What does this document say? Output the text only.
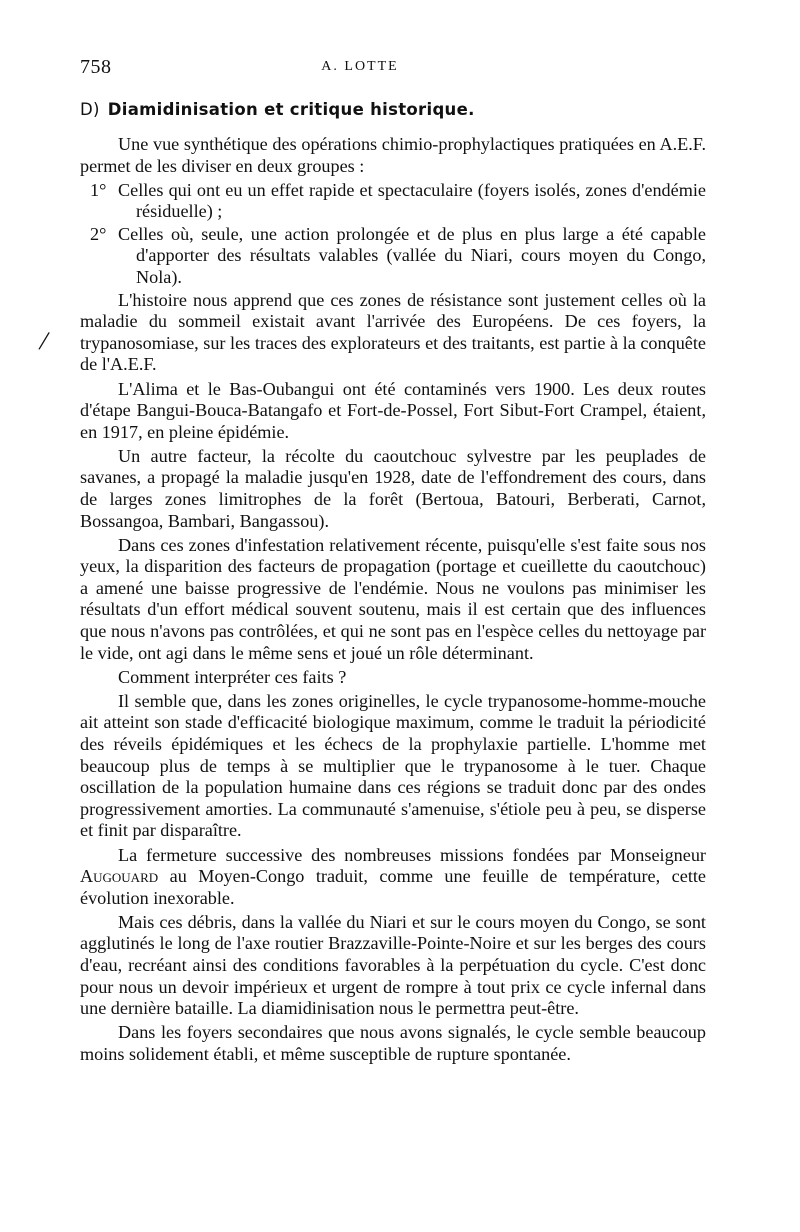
758	A. LOTTE
D) Diamidinisation et critique historique.
/

Une vue synthétique des opérations chimio-prophylactiques pratiquées en A.E.F. permet de les diviser en deux groupes :

1° Celles qui ont eu un effet rapide et spectaculaire (foyers isolés, zones d'endémie résiduelle) ;

2° Celles où, seule, une action prolongée et de plus en plus large a été capable d'apporter des résultats valables (vallée du Niari, cours moyen du Congo, Nola).

L'histoire nous apprend que ces zones de résistance sont justement celles où la maladie du sommeil existait avant l'arrivée des Européens. De ces foyers, la trypanosomiase, sur les traces des explorateurs et des traitants, est partie à la conquête de l'A.E.F.

L'Alima et le Bas-Oubangui ont été contaminés vers 1900. Les deux routes d'étape Bangui-Bouca-Batangafo et Fort-de-Possel, Fort Sibut-Fort Crampel, étaient, en 1917, en pleine épidémie.

Un autre facteur, la récolte du caoutchouc sylvestre par les peuplades de savanes, a propagé la maladie jusqu'en 1928, date de l'effondrement des cours, dans de larges zones limitrophes de la forêt (Bertoua, Batouri, Berberati, Carnot, Bossangoa, Bambari, Bangassou).

Dans ces zones d'infestation relativement récente, puisqu'elle s'est faite sous nos yeux, la disparition des facteurs de propagation (portage et cueillette du caoutchouc) a amené une baisse progressive de l'endémie. Nous ne voulons pas minimiser les résultats d'un effort médical souvent soutenu, mais il est certain que des influences que nous n'avons pas contrôlées, et qui ne sont pas en l'espèce celles du nettoyage par le vide, ont agi dans le même sens et joué un rôle déterminant.

Comment interpréter ces faits ?

Il semble que, dans les zones originelles, le cycle trypanosome-homme-mouche ait atteint son stade d'efficacité biologique maximum, comme le traduit la périodicité des réveils épidémiques et les échecs de la prophylaxie partielle. L'homme met beaucoup plus de temps à se multiplier que le trypanosome à le tuer. Chaque oscillation de la population humaine dans ces régions se traduit donc par des ondes progressivement amorties. La communauté s'amenuise, s'étiole peu à peu, se disperse et finit par disparaître.

La fermeture successive des nombreuses missions fondées par Monseigneur Augouard au Moyen-Congo traduit, comme une feuille de température, cette évolution inexorable.

Mais ces débris, dans la vallée du Niari et sur le cours moyen du Congo, se sont agglutinés le long de l'axe routier Brazzaville-Pointe-Noire et sur les berges des cours d'eau, recréant ainsi des conditions favorables à la perpétuation du cycle. C'est donc pour nous un devoir impérieux et urgent de rompre à tout prix ce cycle infernal dans une dernière bataille. La diamidinisation nous le permettra peut-être.

Dans les foyers secondaires que nous avons signalés, le cycle semble beaucoup moins solidement établi, et même susceptible de rupture spontanée.
